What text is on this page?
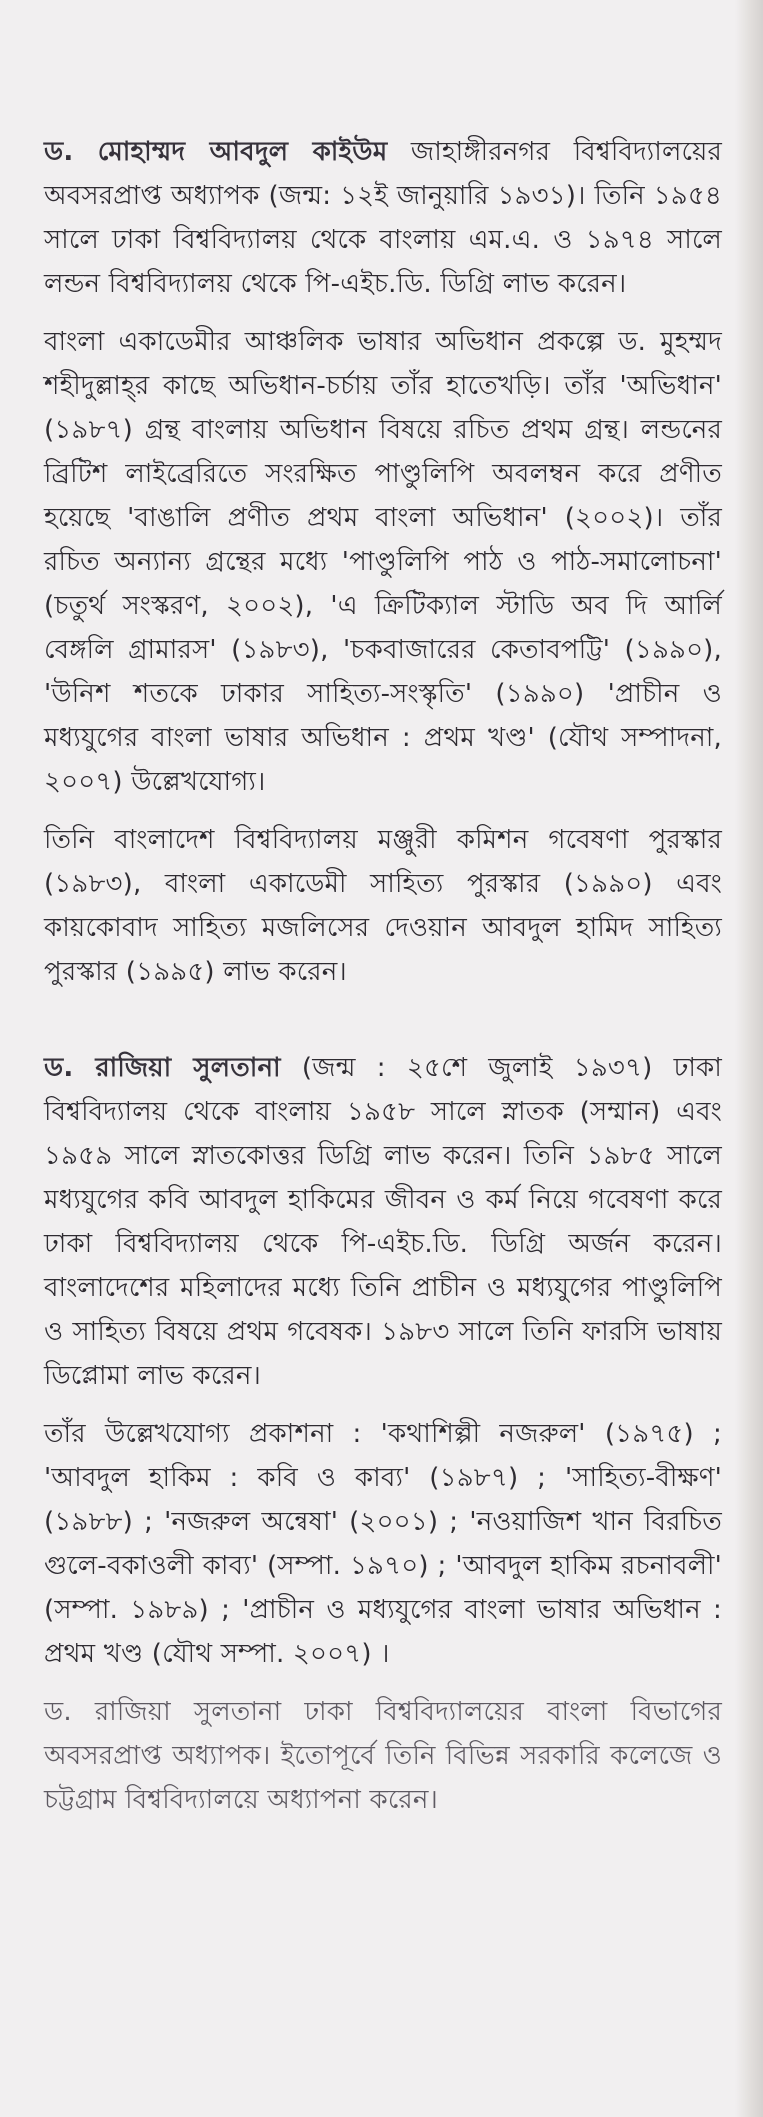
ড. মোহাম্মদ আবদুল কাইউম জাহাঙ্গীরনগর বিশ্ববিদ্যালয়ের অবসরপ্রাপ্ত অধ্যাপক (জন্ম: ১২ই জানুয়ারি ১৯৩১)। তিনি ১৯৫৪ সালে ঢাকা বিশ্ববিদ্যালয় থেকে বাংলায় এম.এ. ও ১৯৭৪ সালে লন্ডন বিশ্ববিদ্যালয় থেকে পি-এইচ.ডি. ডিগ্রি লাভ করেন।

বাংলা একাডেমীর আঞ্চলিক ভাষার অভিধান প্রকল্পে ড. মুহম্মদ শহীদুল্লাহ্‌র কাছে অভিধান-চর্চায় তাঁর হাতেখড়ি। তাঁর 'অভিধান' (১৯৮৭) গ্রন্থ বাংলায় অভিধান বিষয়ে রচিত প্রথম গ্রন্থ। লন্ডনের ব্রিটিশ লাইব্রেরিতে সংরক্ষিত পাণ্ডুলিপি অবলম্বন করে প্রণীত হয়েছে 'বাঙালি প্রণীত প্রথম বাংলা অভিধান' (২০০২)। তাঁর রচিত অন্যান্য গ্রন্থের মধ্যে 'পাণ্ডুলিপি পাঠ ও পাঠ-সমালোচনা' (চতুর্থ সংস্করণ, ২০০২), 'এ ক্রিটিক্যাল স্টাডি অব দি আর্লি বেঙ্গলি গ্রামারস' (১৯৮৩), 'চকবাজারের কেতাবপট্টি' (১৯৯০), 'উনিশ শতকে ঢাকার সাহিত্য-সংস্কৃতি' (১৯৯০) 'প্রাচীন ও মধ্যযুগের বাংলা ভাষার অভিধান : প্রথম খণ্ড' (যৌথ সম্পাদনা, ২০০৭) উল্লেখযোগ্য।

তিনি বাংলাদেশ বিশ্ববিদ্যালয় মঞ্জুরী কমিশন গবেষণা পুরস্কার (১৯৮৩), বাংলা একাডেমী সাহিত্য পুরস্কার (১৯৯০) এবং কায়কোবাদ সাহিত্য মজলিসের দেওয়ান আবদুল হামিদ সাহিত্য পুরস্কার (১৯৯৫) লাভ করেন।

ড. রাজিয়া সুলতানা (জন্ম : ২৫শে জুলাই ১৯৩৭) ঢাকা বিশ্ববিদ্যালয় থেকে বাংলায় ১৯৫৮ সালে স্নাতক (সম্মান) এবং ১৯৫৯ সালে স্নাতকোত্তর ডিগ্রি লাভ করেন। তিনি ১৯৮৫ সালে মধ্যযুগের কবি আবদুল হাকিমের জীবন ও কর্ম নিয়ে গবেষণা করে ঢাকা বিশ্ববিদ্যালয় থেকে পি-এইচ.ডি. ডিগ্রি অর্জন করেন। বাংলাদেশের মহিলাদের মধ্যে তিনি প্রাচীন ও মধ্যযুগের পাণ্ডুলিপি ও সাহিত্য বিষয়ে প্রথম গবেষক। ১৯৮৩ সালে তিনি ফারসি ভাষায় ডিপ্লোমা লাভ করেন।

তাঁর উল্লেখযোগ্য প্রকাশনা : 'কথাশিল্পী নজরুল' (১৯৭৫) ; 'আবদুল হাকিম : কবি ও কাব্য' (১৯৮৭) ; 'সাহিত্য-বীক্ষণ' (১৯৮৮) ; 'নজরুল অন্বেষা' (২০০১) ; 'নওয়াজিশ খান বিরচিত গুলে-বকাওলী কাব্য' (সম্পা. ১৯৭০) ; 'আবদুল হাকিম রচনাবলী' (সম্পা. ১৯৮৯) ; 'প্রাচীন ও মধ্যযুগের বাংলা ভাষার অভিধান : প্রথম খণ্ড (যৌথ সম্পা. ২০০৭) ।

ড. রাজিয়া সুলতানা ঢাকা বিশ্ববিদ্যালয়ের বাংলা বিভাগের অবসরপ্রাপ্ত অধ্যাপক। ইতোপূর্বে তিনি বিভিন্ন সরকারি কলেজে ও চট্টগ্রাম বিশ্ববিদ্যালয়ে অধ্যাপনা করেন।
